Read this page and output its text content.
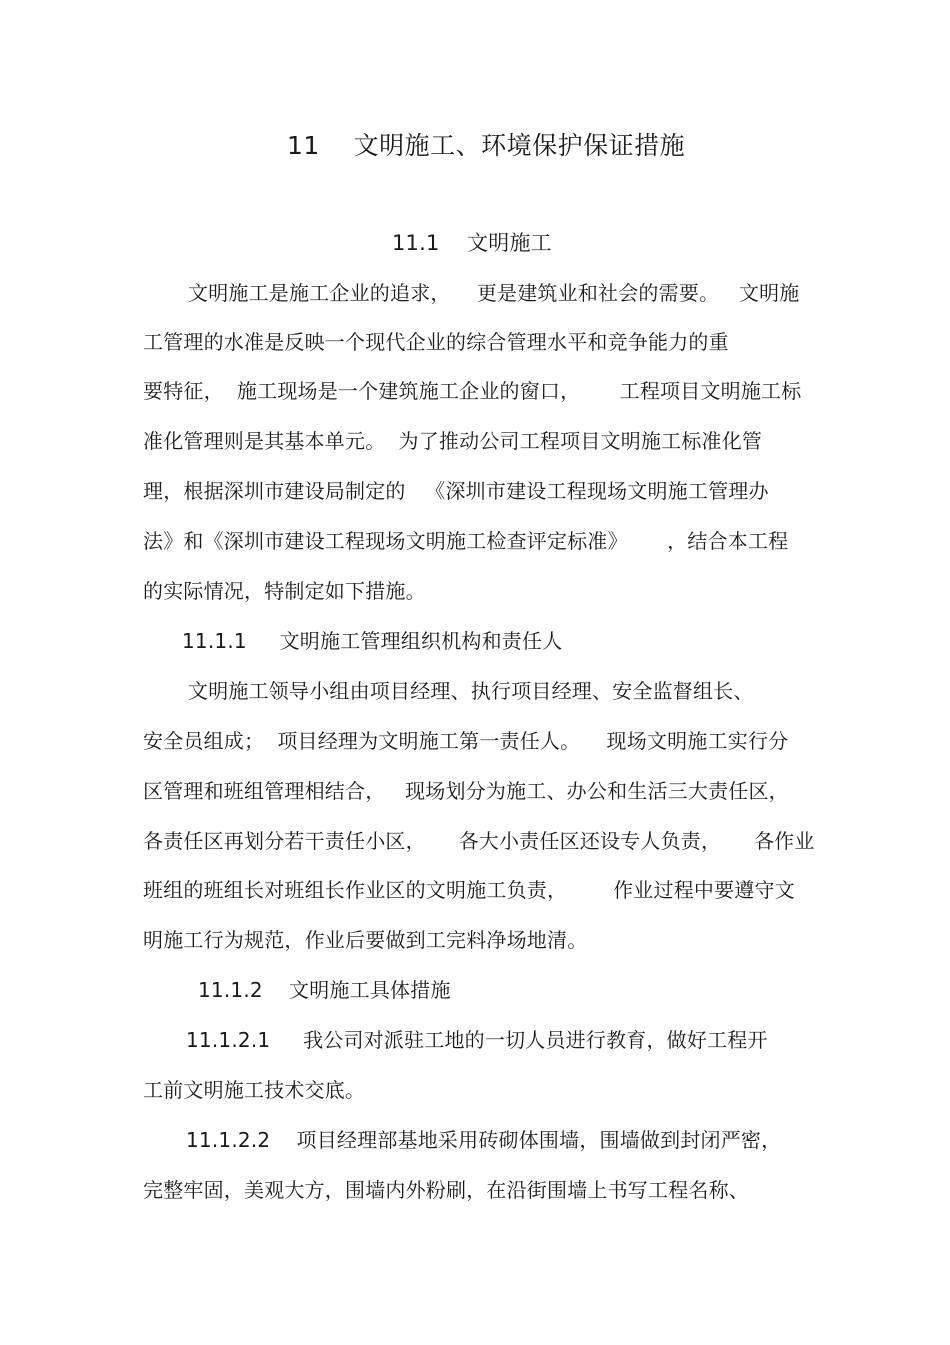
11    文明施工、环境保护保证措施
11.1    文明施工
文明施工是施工企业的追求，    更是建筑业和社会的需要。   文明施
工管理的水准是反映一个现代企业的综合管理水平和竞争能力的重
要特征，  施工现场是一个建筑施工企业的窗口，      工程项目文明施工标
准化管理则是其基本单元。  为了推动公司工程项目文明施工标准化管
理，根据深圳市建设局制定的   《深圳市建设工程现场文明施工管理办
法》和《深圳市建设工程现场文明施工检查评定标准》      ，结合本工程
的实际情况，特制定如下措施。
11.1.1     文明施工管理组织机构和责任人
文明施工领导小组由项目经理、执行项目经理、安全监督组长、
安全员组成；  项目经理为文明施工第一责任人。    现场文明施工实行分
区管理和班组管理相结合，   现场划分为施工、办公和生活三大责任区，
各责任区再划分若干责任小区，     各大小责任区还设专人负责，     各作业
班组的班组长对班组长作业区的文明施工负责，       作业过程中要遵守文
明施工行为规范，作业后要做到工完料净场地清。
11.1.2    文明施工具体措施
11.1.2.1     我公司对派驻工地的一切人员进行教育，做好工程开
工前文明施工技术交底。
11.1.2.2    项目经理部基地采用砖砌体围墙，围墙做到封闭严密，
完整牢固，美观大方，围墙内外粉刷，在沿街围墙上书写工程名称、
